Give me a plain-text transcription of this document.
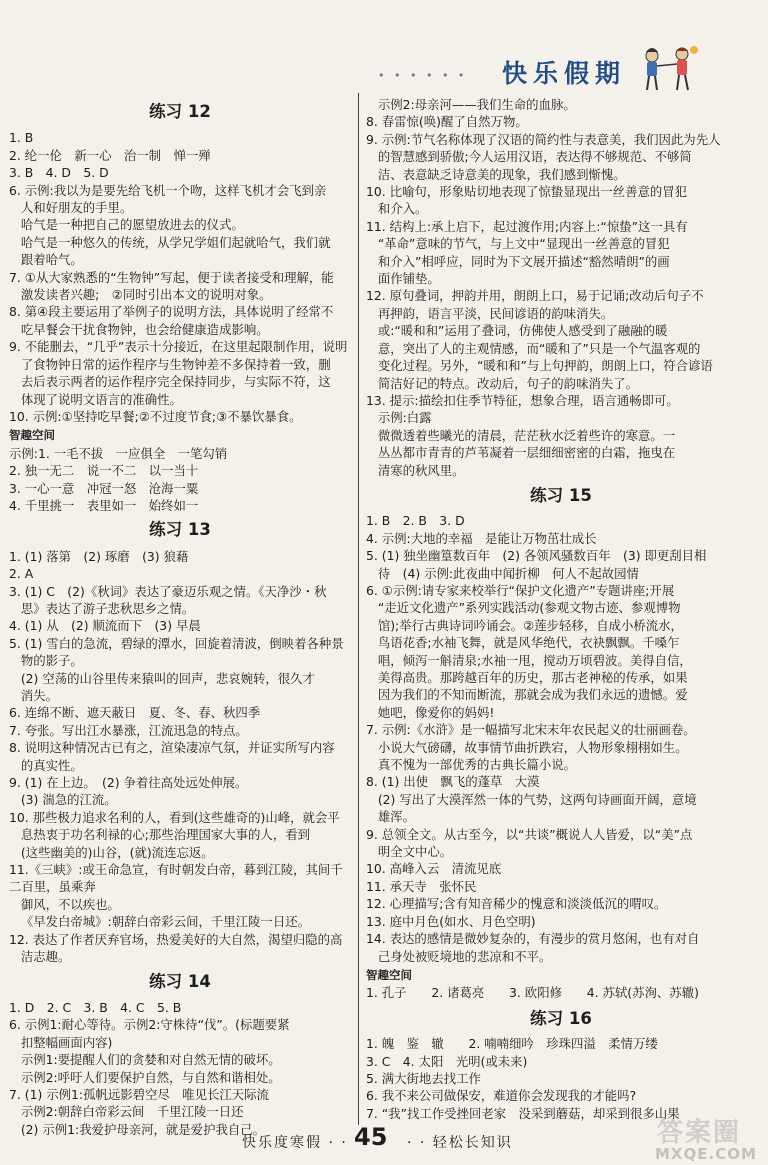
• • • • • • 快乐假期
练习 12
1. B
2. 纶一伦　新一心　治一制　惮一殚
3. B　4. D　5. D
6. 示例:我以为是要先给飞机一个吻，这样飞机才会飞到亲
人和好朋友的手里。
哈气是一种把自己的愿望放进去的仪式。
哈气是一种悠久的传统，从学兄学姐们起就哈气，我们就
跟着哈气。
7. ①从大家熟悉的“生物钟”写起，便于读者接受和理解，能
激发读者兴趣;　②同时引出本文的说明对象。
8. 第④段主要运用了举例子的说明方法，具体说明了经常不
吃早餐会干扰食物钟，也会给健康造成影响。
9. 不能删去，“几乎”表示十分接近，在这里起限制作用，说明
了食物钟日常的运作程序与生物钟差不多保持着一致，删
去后表示两者的运作程序完全保持同步，与实际不符，这
体现了说明文语言的准确性。
10. 示例:①坚持吃早餐;②不过度节食;③不暴饮暴食。
智趣空间
示例:1. 一毛不拔　一应俱全　一笔勾销
2. 独一无二　说一不二　以一当十
3. 一心一意　冲冠一怒　沧海一粟
4. 千里挑一　表里如一　始终如一
练习 13
1. (1) 落第　(2) 琢磨　(3) 狼藉
2. A
3. (1) C　(2)《秋词》表达了豪迈乐观之情。《天净沙・秋
思》表达了游子悲秋思乡之情。
4. (1) 从　(2) 顺流而下　(3) 早晨
5. (1) 雪白的急流，碧绿的潭水，回旋着清波，倒映着各种景
物的影子。
(2) 空荡的山谷里传来猿叫的回声，悲哀婉转，很久才
消失。
6. 连绵不断、遮天蔽日　夏、冬、春、秋四季
7. 夸张。写出江水暴涨，江流迅急的特点。
8. 说明这种情况古已有之，渲染凄凉气氛，并证实所写内容
的真实性。
9. (1) 在上边。　(2) 争着往高处远处伸展。
(3) 湍急的江流。
10. 那些极力追求名利的人，看到(这些雄奇的)山峰，就会平
息热衷于功名利禄的心;那些治理国家大事的人，看到
(这些幽美的)山谷，(就)流连忘返。
11.《三峡》:或王命急宣，有时朝发白帝，暮到江陵，其间千二百里，虽乘奔
御风，不以疾也。
《早发白帝城》:朝辞白帝彩云间，千里江陵一日还。
12. 表达了作者厌弃官场，热爱美好的大自然，渴望归隐的高
洁志趣。
练习 14
1. D　2. C　3. B　4. C　5. B
6. 示例1:耐心等待。示例2:守株待“伐”。(标题要紧
扣整幅画面内容)
示例1:要提醒人们的贪婪和对自然无情的破坏。
示例2:呼吁人们要保护自然，与自然和谐相处。
7. (1) 示例1:孤帆远影碧空尽　唯见长江天际流
示例2:朝辞白帝彩云间　千里江陵一日还
(2) 示例1:我爱护母亲河，就是爱护我自己。
示例2:母亲河——我们生命的血脉。
8. 春雷惊(唤)醒了自然万物。
9. 示例:节气名称体现了汉语的简约性与表意美，我们因此为先人
的智慧感到骄傲;今人运用汉语，表达得不够规范、不够简
洁、表意缺乏诗意美的现象，我们感到惭愧。
10. 比喻句，形象贴切地表现了惊蛰显现出一丝善意的冒犯
和介入。
11. 结构上:承上启下，起过渡作用;内容上:“惊蛰”这一具有
“革命”意味的节气，与上文中“显现出一丝善意的冒犯
和介入”相呼应，同时为下文展开描述“豁然晴朗”的画
面作铺垫。
12. 原句叠词，押韵并用，朗朗上口，易于记诵;改动后句子不
再押韵，语言平淡，民间谚语的韵味消失。
或:“暖和和”运用了叠词，仿佛使人感受到了融融的暖
意，突出了人的主观情感，而“暖和了”只是一个气温客观的
变化过程。另外，“暖和和”与上句押韵，朗朗上口，符合谚语
简洁好记的特点。改动后，句子的韵味消失了。
13. 提示:描绘扣住季节特征，想象合理，语言通畅即可。
示例:白露
微微透着些曦光的清晨，茫茫秋水泛着些许的寒意。一
丛丛都市青青的芦苇凝着一层细细密密的白霜，拖曳在
清寒的秋风里。
练习 15
1. B　2. B　3. D
4. 示例:大地的幸福　是能让万物茁壮成长
5. (1) 独坐幽篁数百年　(2) 各领风骚数百年　(3) 即更刮目相
待　(4) 示例:此夜曲中闻折柳　何人不起故园情
6. ①示例:请专家来校举行“保护文化遗产”专题讲座;开展
“走近文化遗产”系列实践活动(参观文物古迹、参观博物
馆);举行古典诗词吟诵会。②莲步轻移，自成小桥流水，
鸟语花香;水袖飞舞，就是风华绝代，衣袂飘飘。千嗓乍
唱，倾泻一斛清泉;水袖一甩，搅动万顷碧波。美得自信，
美得高贵。那跨越百年的历史，那古老神秘的传承，如果
因为我们的不知而断流，那就会成为我们永远的遗憾。爱
她吧，像爱你的妈妈!
7. 示例:《水浒》是一幅描写北宋末年农民起义的壮丽画卷。
小说大气磅礴，故事情节曲折跌宕，人物形象栩栩如生。
真不愧为一部优秀的古典长篇小说。
8. (1) 出使　飘飞的蓬草　大漠
(2) 写出了大漠浑然一体的气势，这两句诗画面开阔，意境
雄浑。
9. 总领全文。从古至今，以“共谈”概说人人皆爱，以“美”点
明全文中心。
10. 高峰入云　清流见底
11. 承天寺　张怀民
12. 心理描写;含有知音稀少的愧意和淡淡低沉的喟叹。
13. 庭中月色(如水、月色空明)
14. 表达的感情是微妙复杂的，有漫步的赏月悠闲，也有对自
己身处被贬境地的悲凉和不平。
智趣空间
1. 孔子　　2. 诸葛亮　　3. 欧阳修　　4. 苏轼(苏洵、苏辙)
练习 16
1. 魄　鉴　辙　　2. 喃喃细吟　珍珠四溢　柔情万缕
3. C　4. 太阳　光明(或未来)
5. 满大街地去找工作
6. 我不来公司做保安，难道你会发现我的才能吗?
7. “我”找工作受挫回老家　没采到蘑菇，却采到很多山果
快乐度寒假 · · 45 · · 轻松长知识	答案圈
MXQE.COM
